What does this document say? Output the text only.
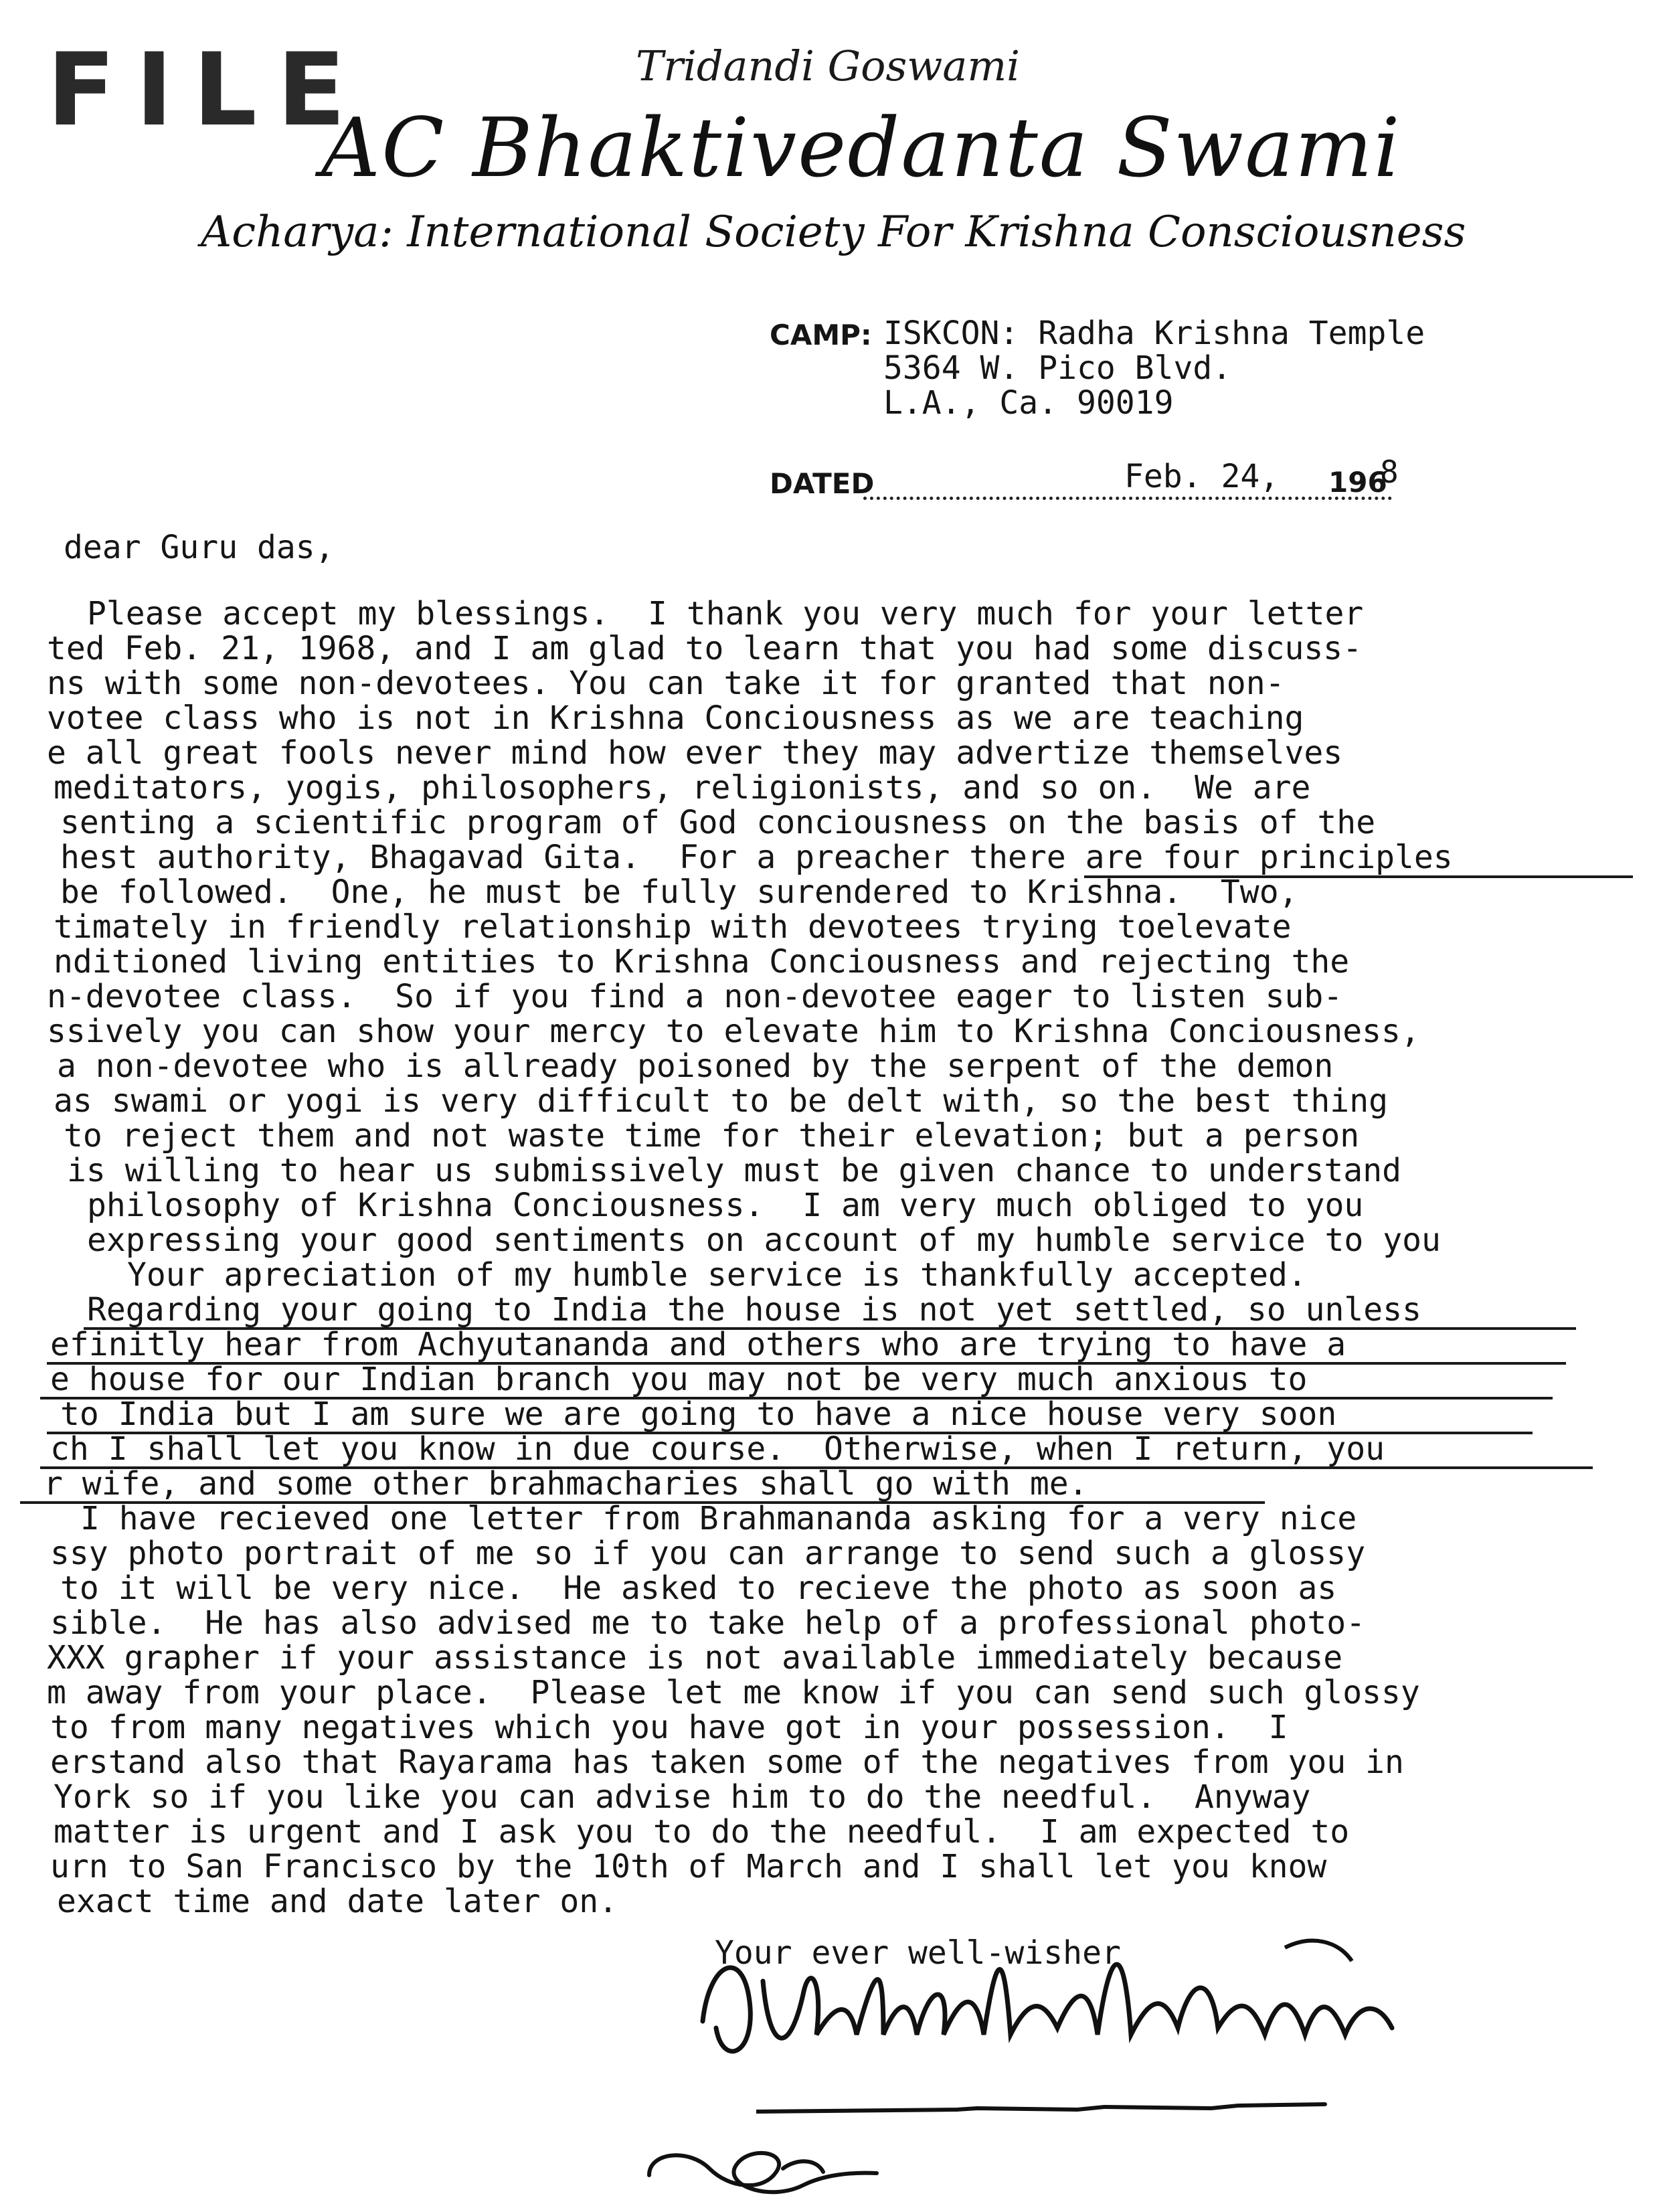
FILE	Tridandi Goswami
AC Bhaktivedanta Swami
Acharya: International Society For Krishna Consciousness
CAMP: ISKCON: Radha Krishna Temple
5364 W. Pico Blvd.
L.A., Ca. 90019
DATED	Feb. 24, 196
8
dear Guru das,
Please accept my blessings.  I thank you very much for your letter
ted Feb. 21, 1968, and I am glad to learn that you had some discuss-
ns with some non-devotees. You can take it for granted that non-
votee class who is not in Krishna Conciousness as we are teaching
e all great fools never mind how ever they may advertize themselves
meditators, yogis, philosophers, religionists, and so on.  We are
senting a scientific program of God conciousness on the basis of the
hest authority, Bhagavad Gita.  For a preacher there are four principles
be followed.  One, he must be fully surendered to Krishna.  Two,
timately in friendly relationship with devotees trying toelevate
nditioned living entities to Krishna Conciousness and rejecting the
n-devotee class.  So if you find a non-devotee eager to listen sub-
ssively you can show your mercy to elevate him to Krishna Conciousness,
a non-devotee who is allready poisoned by the serpent of the demon
as swami or yogi is very difficult to be delt with, so the best thing
to reject them and not waste time for their elevation; but a person
is willing to hear us submissively must be given chance to understand
philosophy of Krishna Conciousness.  I am very much obliged to you
expressing your good sentiments on account of my humble service to you
Your apreciation of my humble service is thankfully accepted.
Regarding your going to India the house is not yet settled, so unless
efinitly hear from Achyutananda and others who are trying to have a
e house for our Indian branch you may not be very much anxious to
to India but I am sure we are going to have a nice house very soon
ch I shall let you know in due course.  Otherwise, when I return, you
r wife, and some other brahmacharies shall go with me.
I have recieved one letter from Brahmananda asking for a very nice
ssy photo portrait of me so if you can arrange to send such a glossy
to it will be very nice.  He asked to recieve the photo as soon as
sible.  He has also advised me to take help of a professional photo-
XXX grapher if your assistance is not available immediately because
m away from your place.  Please let me know if you can send such glossy
to from many negatives which you have got in your possession.  I
erstand also that Rayarama has taken some of the negatives from you in
York so if you like you can advise him to do the needful.  Anyway
matter is urgent and I ask you to do the needful.  I am expected to
urn to San Francisco by the 10th of March and I shall let you know
exact time and date later on.
Your ever well-wisher
